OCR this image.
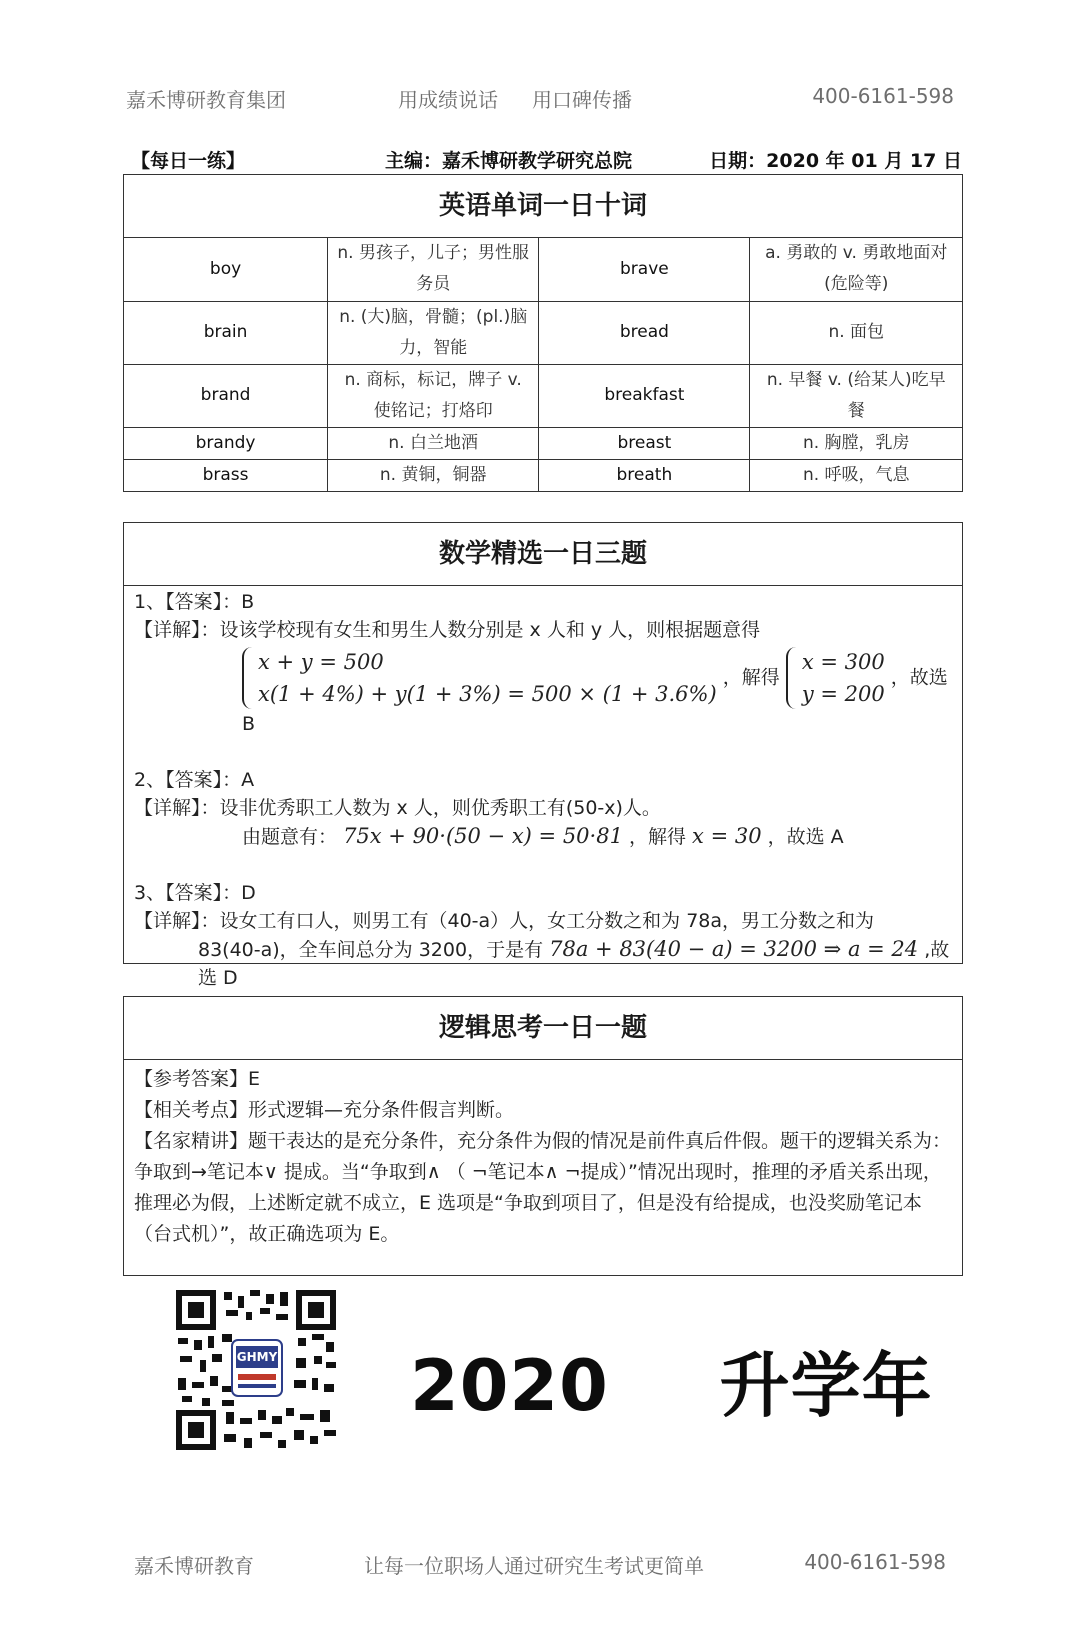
嘉禾博研教育集团	用成绩说话 用口碑传播	400-6161-598
【每日一练】	主编：嘉禾博研教学研究总院	日期：2020 年 01 月 17 日
英语单词一日十词
boy	n. 男孩子，儿子；男性服务员	brave	a. 勇敢的 v. 勇敢地面对(危险等)
brain	n. (大)脑，骨髓；(pl.)脑力，智能	bread	n. 面包
brand	n. 商标，标记，牌子 v. 使铭记；打烙印	breakfast	n. 早餐 v. (给某人)吃早餐
brandy	n. 白兰地酒	breast	n. 胸膛，乳房
brass	n. 黄铜，铜器	breath	n. 呼吸，气息
数学精选一日三题

1、【答案】：B

【详解】：设该学校现有女生和男生人数分别是 x 人和 y 人，则根据题意得

x + y = 500
x(1 + 4%) + y(1 + 3%) = 500 × (1 + 3.6%)
，解得
x = 300
y = 200
，故选 B

2、【答案】：A

【详解】：设非优秀职工人数为 x 人，则优秀职工有(50-x)人。

由题意有： 75x + 90·(50 − x) = 50·81 ，解得 x = 30 ，故选 A

3、【答案】：D

【详解】：设女工有口人，则男工有（40-a）人，女工分数之和为 78a，男工分数之和为

83(40-a)，全车间总分为 3200，于是有 78a + 83(40 − a) = 3200 ⇒ a = 24 ,故选 D

逻辑思考一日一题

【参考答案】E

【相关考点】形式逻辑—充分条件假言判断。

【名家精讲】题干表达的是充分条件，充分条件为假的情况是前件真后件假。题干的逻辑关系为：争取到→笔记本∨ 提成。当“争取到∧ （ ¬笔记本∧ ¬提成）”情况出现时，推理的矛盾关系出现，推理必为假，上述断定就不成立，E 选项是“争取到项目了，但是没有给提成，也没奖励笔记本（台式机）”，故正确选项为 E。

GHMY 2020 升学年
嘉禾博研教育	让每一位职场人通过研究生考试更简单	400-6161-598
